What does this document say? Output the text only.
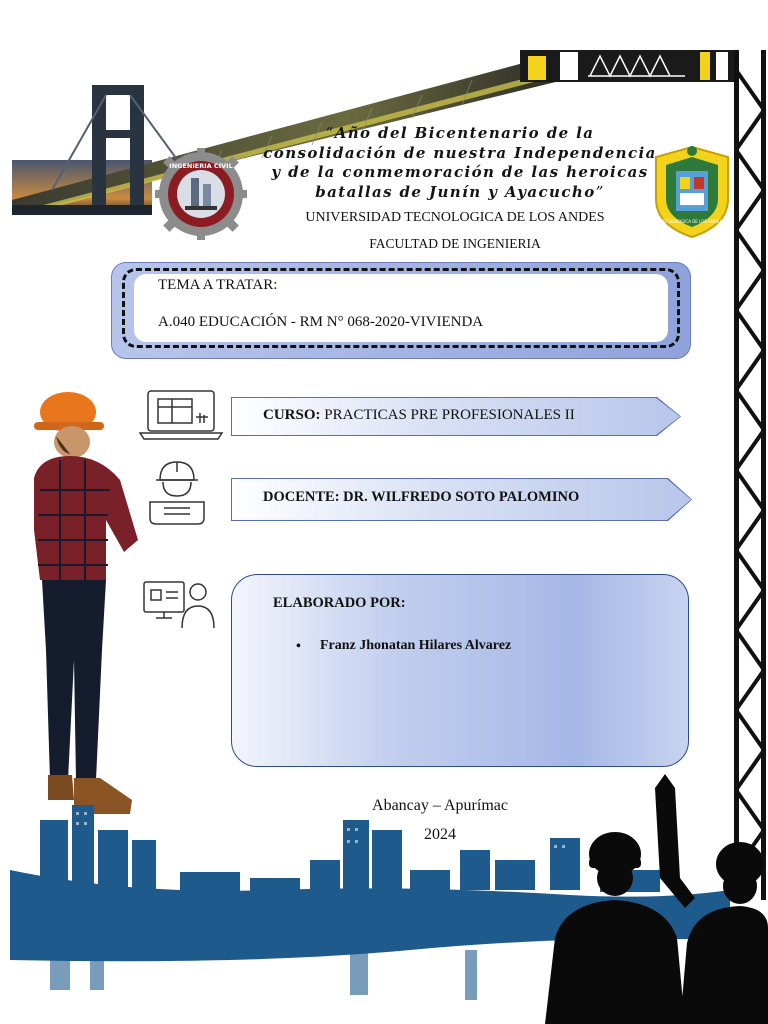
INGENIERIA CIVIL
TECNOLOGICA DE LOS ANDES
“Año del Bicentenario de la
consolidación de nuestra Independencia
y de la conmemoración de las heroicas
batallas de Junín y Ayacucho”
UNIVERSIDAD TECNOLOGICA DE LOS ANDES
FACULTAD DE INGENIERIA
TEMA A TRATAR:
A.040 EDUCACIÓN - RM N° 068-2020-VIVIENDA
CURSO: PRACTICAS PRE PROFESIONALES II
DOCENTE: DR. WILFREDO SOTO PALOMINO
ELABORADO POR:
• Franz Jhonatan Hilares Alvarez
Abancay – Apurímac
2024
